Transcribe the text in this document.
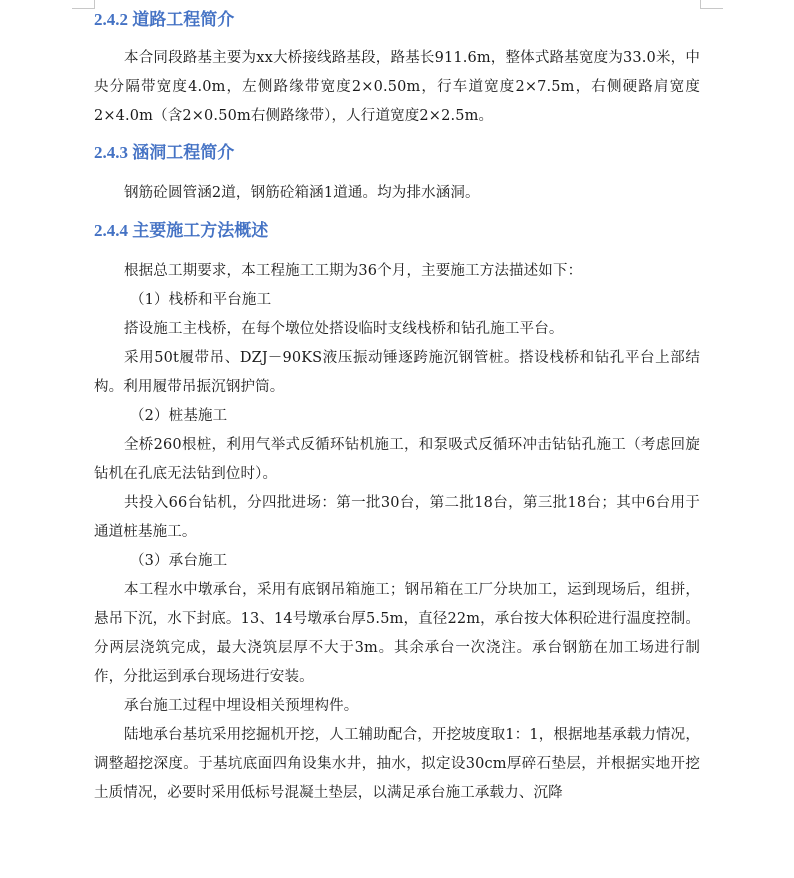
2.4.2 道路工程简介

本合同段路基主要为xx大桥接线路基段，路基长911.6m，整体式路基宽度为33.0米，中央分隔带宽度4.0m，左侧路缘带宽度2×0.50m，行车道宽度2×7.5m，右侧硬路肩宽度2×4.0m（含2×0.50m右侧路缘带），人行道宽度2×2.5m。

2.4.3 涵洞工程简介

钢筋砼圆管涵2道，钢筋砼箱涵1道通。均为排水涵洞。

2.4.4 主要施工方法概述

根据总工期要求，本工程施工工期为36个月，主要施工方法描述如下：

（1）栈桥和平台施工

搭设施工主栈桥，在每个墩位处搭设临时支线栈桥和钻孔施工平台。

采用50t履带吊、DZJ－90KS液压振动锤逐跨施沉钢管桩。搭设栈桥和钻孔平台上部结构。利用履带吊振沉钢护筒。

（2）桩基施工

全桥260根桩，利用气举式反循环钻机施工，和泵吸式反循环冲击钻钻孔施工（考虑回旋钻机在孔底无法钻到位时）。

共投入66台钻机，分四批进场：第一批30台，第二批18台，第三批18台；其中6台用于通道桩基施工。

（3）承台施工

本工程水中墩承台，采用有底钢吊箱施工；钢吊箱在工厂分块加工，运到现场后，组拼，悬吊下沉，水下封底。13、14号墩承台厚5.5m，直径22m，承台按大体积砼进行温度控制。分两层浇筑完成，最大浇筑层厚不大于3m。其余承台一次浇注。承台钢筋在加工场进行制作，分批运到承台现场进行安装。

承台施工过程中埋设相关预埋构件。

陆地承台基坑采用挖掘机开挖，人工辅助配合，开挖坡度取1：1，根据地基承载力情况，调整超挖深度。于基坑底面四角设集水井，抽水，拟定设30cm厚碎石垫层，并根据实地开挖土质情况，必要时采用低标号混凝土垫层，以满足承台施工承载力、沉降
